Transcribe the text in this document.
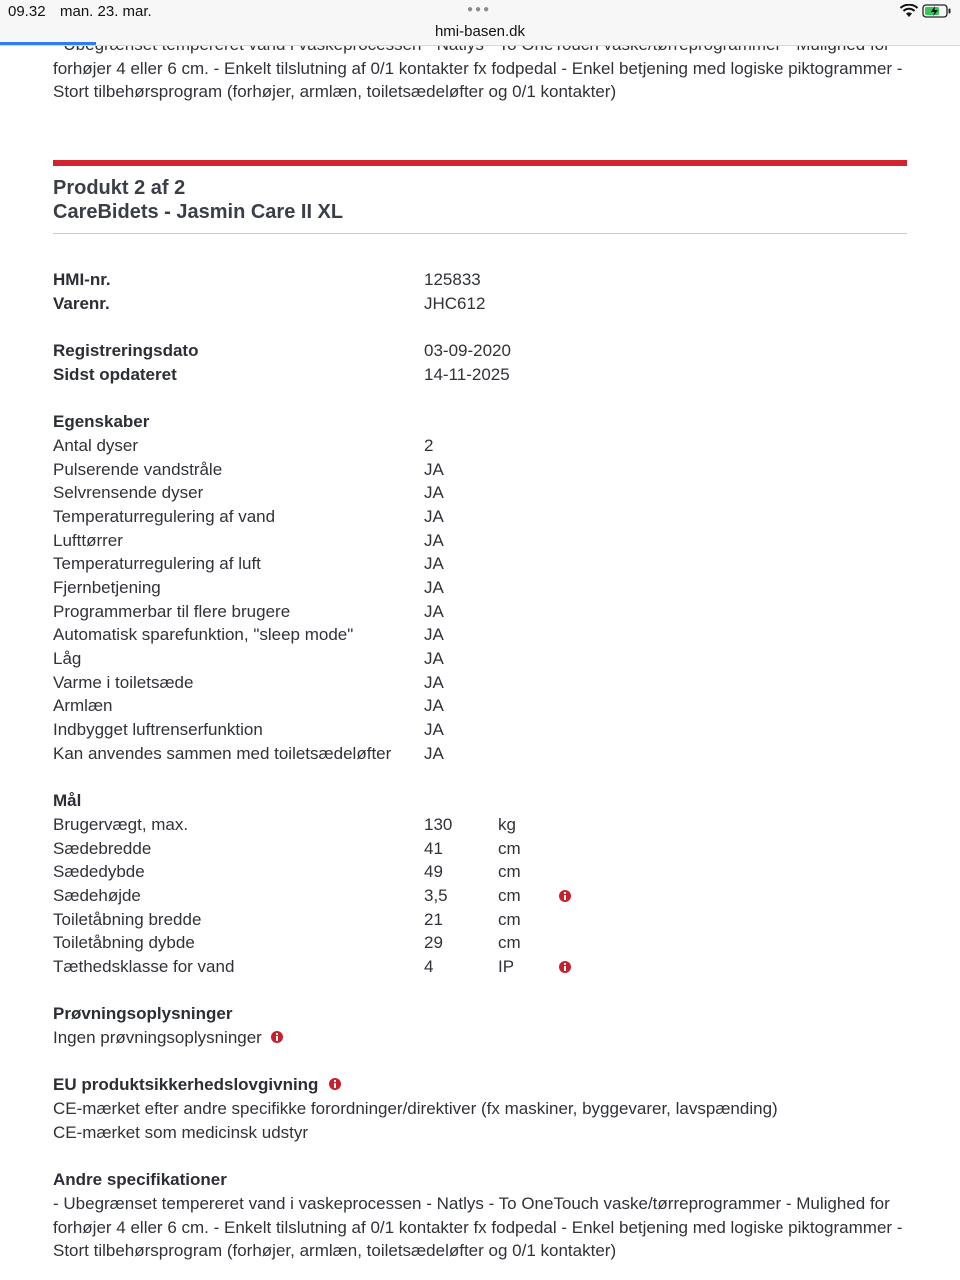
09.32 man. 23. mar.	●●●
hmi-basen.dk
forhøjer 4 eller 6 cm. - Enkelt tilslutning af 0/1 kontakter fx fodpedal - Enkel betjening med logiske piktogrammer - Stort tilbehørsprogram (forhøjer, armlæn, toiletsædeløfter og 0/1 kontakter)
Produkt 2 af 2
CareBidets - Jasmin Care II XL
HMI-nr.	125833
Varenr.	JHC612
Registreringsdato	03-09-2020
Sidst opdateret	14-11-2025
Egenskaber
Antal dyser	2
Pulserende vandstråle	JA
Selvrensende dyser	JA
Temperaturregulering af vand	JA
Lufttørrer	JA
Temperaturregulering af luft	JA
Fjernbetjening	JA
Programmerbar til flere brugere	JA
Automatisk sparefunktion, "sleep mode"	JA
Låg	JA
Varme i toiletsæde	JA
Armlæn	JA
Indbygget luftrenserfunktion	JA
Kan anvendes sammen med toiletsædeløfter JA
Mål
Brugervægt, max.	130	kg
Sædebredde	41	cm
Sædedybde	49	cm
Sædehøjde	3,5	cm
Toiletåbning bredde	21	cm
Toiletåbning dybde	29	cm
Tæthedsklasse for vand	4	IP
Prøvningsoplysninger
Ingen prøvningsoplysninger
EU produktsikkerhedslovgivning
CE-mærket efter andre specifikke forordninger/direktiver (fx maskiner, byggevarer, lavspænding)
CE-mærket som medicinsk udstyr
Andre specifikationer
- Ubegrænset tempereret vand i vaskeprocessen - Natlys - To OneTouch vaske/tørreprogrammer - Mulighed for forhøjer 4 eller 6 cm. - Enkelt tilslutning af 0/1 kontakter fx fodpedal - Enkel betjening med logiske piktogrammer - Stort tilbehørsprogram (forhøjer, armlæn, toiletsædeløfter og 0/1 kontakter)
